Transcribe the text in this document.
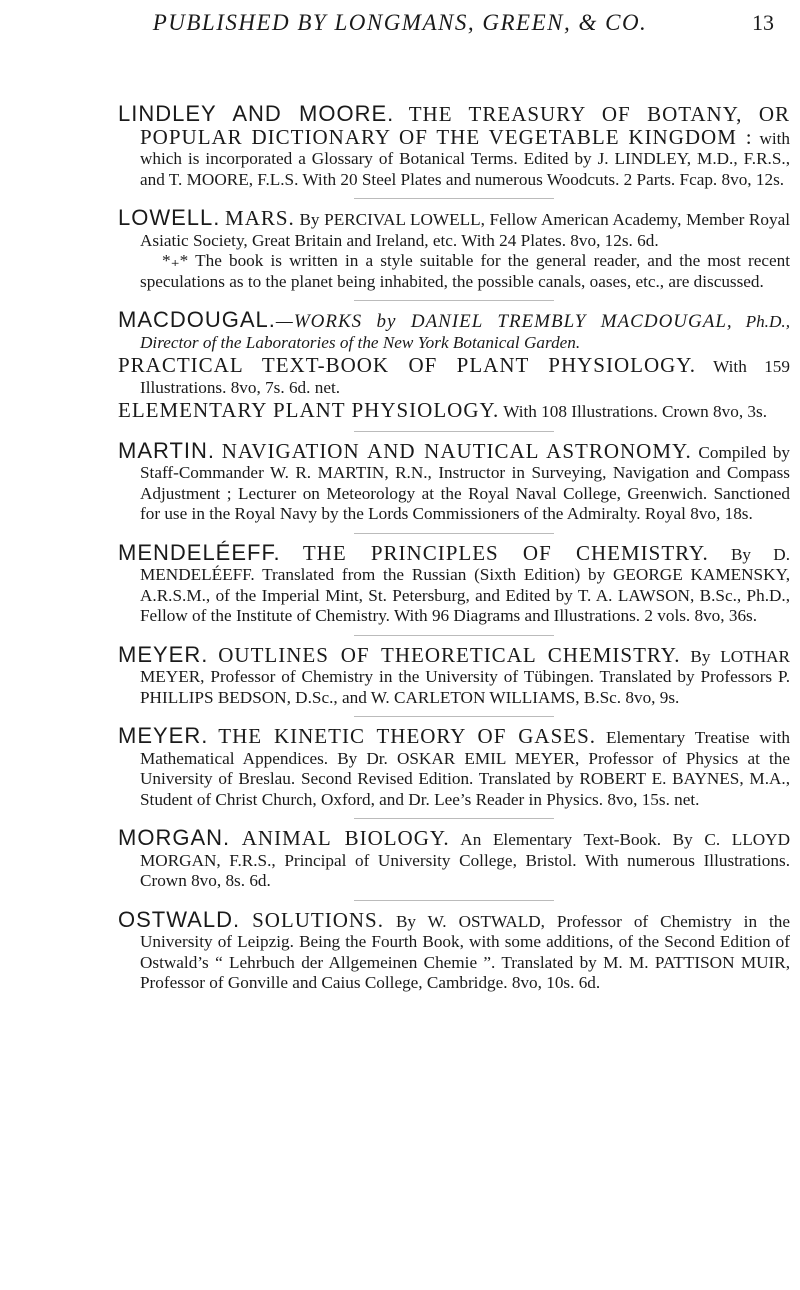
PUBLISHED BY LONGMANS, GREEN, & CO.	13

LINDLEY AND MOORE. THE TREASURY OF BOTANY, OR POPULAR DICTIONARY OF THE VEGETABLE KINGDOM : with which is incorporated a Glossary of Botanical Terms. Edited by J. LINDLEY, M.D., F.R.S., and T. MOORE, F.L.S. With 20 Steel Plates and numerous Woodcuts. 2 Parts. Fcap. 8vo, 12s.

LOWELL. MARS. By PERCIVAL LOWELL, Fellow American Academy, Member Royal Asiatic Society, Great Britain and Ireland, etc. With 24 Plates. 8vo, 12s. 6d.

*₊* The book is written in a style suitable for the general reader, and the most recent speculations as to the planet being inhabited, the possible canals, oases, etc., are discussed.

MACDOUGAL.—WORKS by DANIEL TREMBLY MACDOUGAL, Ph.D., Director of the Laboratories of the New York Botanical Garden.

PRACTICAL TEXT-BOOK OF PLANT PHYSIOLOGY. With 159 Illustrations. 8vo, 7s. 6d. net.

ELEMENTARY PLANT PHYSIOLOGY. With 108 Illustrations. Crown 8vo, 3s.

MARTIN. NAVIGATION AND NAUTICAL ASTRONOMY. Compiled by Staff-Commander W. R. MARTIN, R.N., Instructor in Surveying, Navigation and Compass Adjustment ; Lecturer on Meteorology at the Royal Naval College, Greenwich. Sanctioned for use in the Royal Navy by the Lords Commissioners of the Admiralty. Royal 8vo, 18s.

MENDELÉEFF. THE PRINCIPLES OF CHEMISTRY. By D. MENDELÉEFF. Translated from the Russian (Sixth Edition) by GEORGE KAMENSKY, A.R.S.M., of the Imperial Mint, St. Petersburg, and Edited by T. A. LAWSON, B.Sc., Ph.D., Fellow of the Institute of Chemistry. With 96 Diagrams and Illustrations. 2 vols. 8vo, 36s.

MEYER. OUTLINES OF THEORETICAL CHEMISTRY. By LOTHAR MEYER, Professor of Chemistry in the University of Tübingen. Translated by Professors P. PHILLIPS BEDSON, D.Sc., and W. CARLETON WILLIAMS, B.Sc. 8vo, 9s.

MEYER. THE KINETIC THEORY OF GASES. Elementary Treatise with Mathematical Appendices. By Dr. OSKAR EMIL MEYER, Professor of Physics at the University of Breslau. Second Revised Edition. Translated by ROBERT E. BAYNES, M.A., Student of Christ Church, Oxford, and Dr. Lee’s Reader in Physics. 8vo, 15s. net.

MORGAN. ANIMAL BIOLOGY. An Elementary Text-Book. By C. LLOYD MORGAN, F.R.S., Principal of University College, Bristol. With numerous Illustrations. Crown 8vo, 8s. 6d.

OSTWALD. SOLUTIONS. By W. OSTWALD, Professor of Chemistry in the University of Leipzig. Being the Fourth Book, with some additions, of the Second Edition of Ostwald’s “ Lehrbuch der Allgemeinen Chemie ”. Translated by M. M. PATTISON MUIR, Professor of Gonville and Caius College, Cambridge. 8vo, 10s. 6d.
